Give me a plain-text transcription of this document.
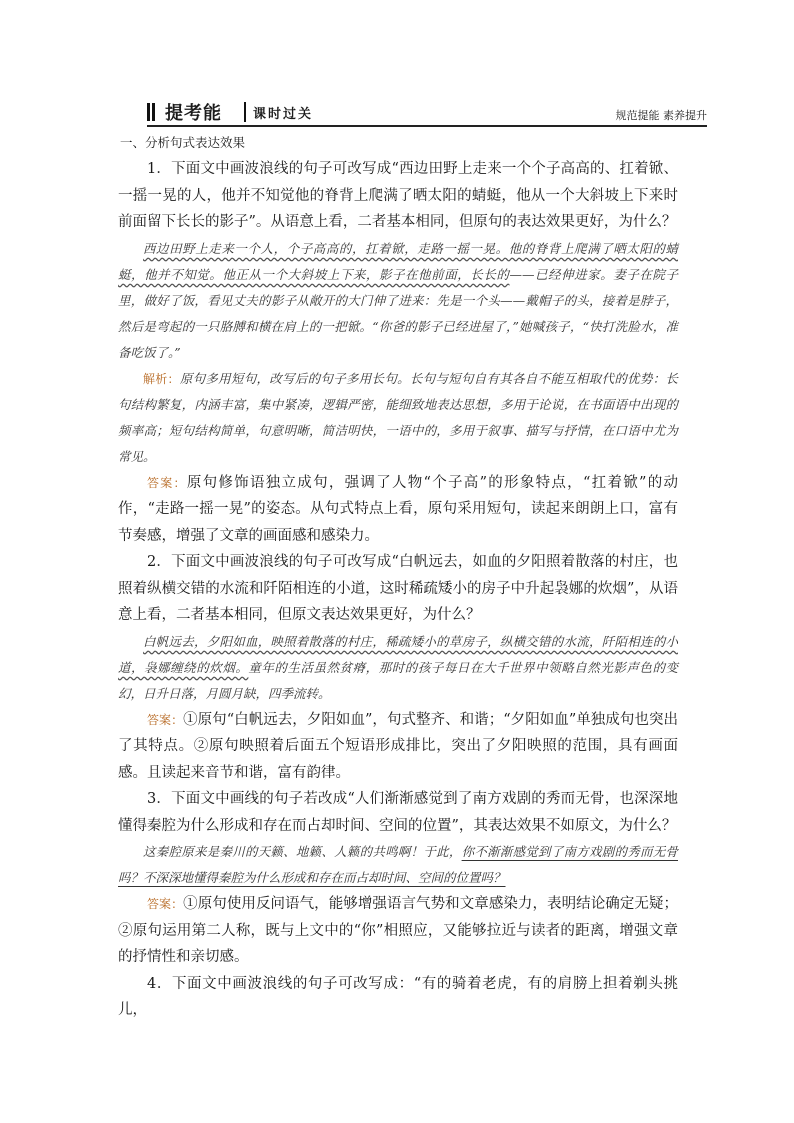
提考能 课时过关	规范提能 素养提升
一、分析句式表达效果

1．下面文中画波浪线的句子可改写成“西边田野上走来一个个子高高的、扛着锨、一摇一晃的人，他并不知觉他的脊背上爬满了晒太阳的蜻蜓，他从一个大斜坡上下来时前面留下长长的影子”。从语意上看，二者基本相同，但原句的表达效果更好，为什么？

西边田野上走来一个人，个子高高的，扛着锨，走路一摇一晃。他的脊背上爬满了晒太阳的蜻蜓，他并不知觉。他正从一个大斜坡上下来，影子在他前面，长长的——已经伸进家。妻子在院子里，做好了饭，看见丈夫的影子从敞开的大门伸了进来：先是一个头——戴帽子的头，接着是脖子，然后是弯起的一只胳膊和横在肩上的一把锨。“你爸的影子已经进屋了，”她喊孩子，“快打洗脸水，准备吃饭了。”

解析：原句多用短句，改写后的句子多用长句。长句与短句自有其各自不能互相取代的优势：长句结构繁复，内涵丰富，集中紧凑，逻辑严密，能细致地表达思想，多用于论说，在书面语中出现的频率高；短句结构简单，句意明晰，简洁明快，一语中的，多用于叙事、描写与抒情，在口语中尤为常见。

答案：原句修饰语独立成句，强调了人物“个子高”的形象特点，“扛着锨”的动作，“走路一摇一晃”的姿态。从句式特点上看，原句采用短句，读起来朗朗上口，富有节奏感，增强了文章的画面感和感染力。

2．下面文中画波浪线的句子可改写成“白帆远去，如血的夕阳照着散落的村庄，也照着纵横交错的水流和阡陌相连的小道，这时稀疏矮小的房子中升起袅娜的炊烟”，从语意上看，二者基本相同，但原文表达效果更好，为什么？

白帆远去，夕阳如血，映照着散落的村庄，稀疏矮小的草房子，纵横交错的水流，阡陌相连的小道，袅娜缠绕的炊烟。童年的生活虽然贫瘠，那时的孩子每日在大千世界中领略自然光影声色的变幻，日升日落，月圆月缺，四季流转。

答案：①原句“白帆远去，夕阳如血”，句式整齐、和谐；“夕阳如血”单独成句也突出了其特点。②原句映照着后面五个短语形成排比，突出了夕阳映照的范围，具有画面感。且读起来音节和谐，富有韵律。

3．下面文中画线的句子若改成“人们渐渐感觉到了南方戏剧的秀而无骨，也深深地懂得秦腔为什么形成和存在而占却时间、空间的位置”，其表达效果不如原文，为什么？

这秦腔原来是秦川的天籁、地籁、人籁的共鸣啊！于此，你不渐渐感觉到了南方戏剧的秀而无骨吗？不深深地懂得秦腔为什么形成和存在而占却时间、空间的位置吗？

答案：①原句使用反问语气，能够增强语言气势和文章感染力，表明结论确定无疑；②原句运用第二人称，既与上文中的“你”相照应，又能够拉近与读者的距离，增强文章的抒情性和亲切感。

4．下面文中画波浪线的句子可改写成：“有的骑着老虎，有的肩膀上担着剃头挑儿，
